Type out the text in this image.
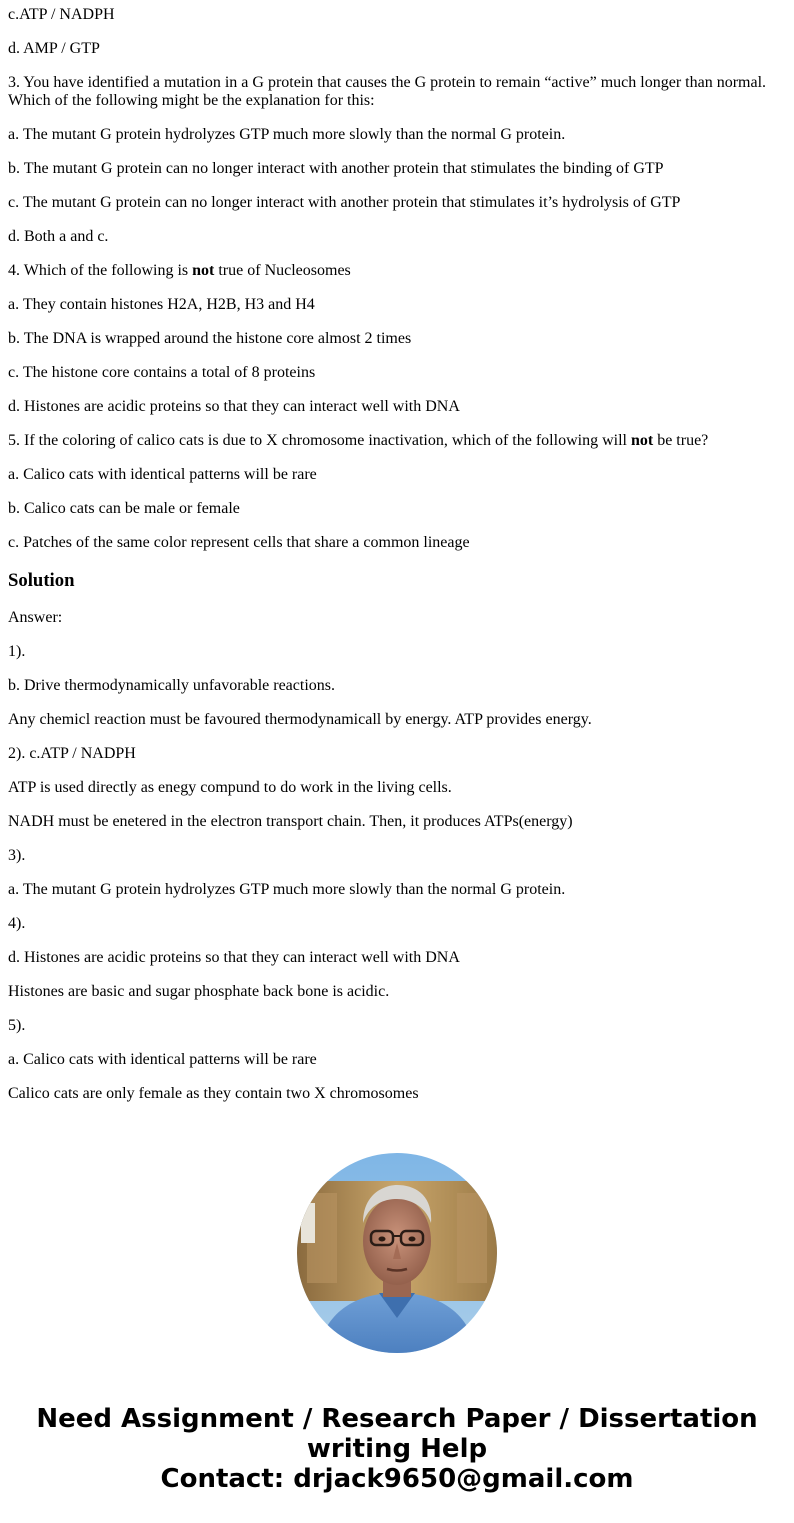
c.ATP / NADPH

d. AMP / GTP

3. You have identified a mutation in a G protein that causes the G protein to remain “active” much longer than normal. Which of the following might be the explanation for this:

a. The mutant G protein hydrolyzes GTP much more slowly than the normal G protein.

b. The mutant G protein can no longer interact with another protein that stimulates the binding of GTP

c. The mutant G protein can no longer interact with another protein that stimulates it’s hydrolysis of GTP

d. Both a and c.

4. Which of the following is not true of Nucleosomes

a. They contain histones H2A, H2B, H3 and H4

b. The DNA is wrapped around the histone core almost 2 times

c. The histone core contains a total of 8 proteins

d. Histones are acidic proteins so that they can interact well with DNA

5. If the coloring of calico cats is due to X chromosome inactivation, which of the following will not be true?

a. Calico cats with identical patterns will be rare

b. Calico cats can be male or female

c. Patches of the same color represent cells that share a common lineage

Solution

Answer:

1).

b. Drive thermodynamically unfavorable reactions.

Any chemicl reaction must be favoured thermodynamicall by energy. ATP provides energy.

2). c.ATP / NADPH

ATP is used directly as enegy compund to do work in the living cells.

NADH must be enetered in the electron transport chain. Then, it produces ATPs(energy)

3).

a. The mutant G protein hydrolyzes GTP much more slowly than the normal G protein.

4).

d. Histones are acidic proteins so that they can interact well with DNA

Histones are basic and sugar phosphate back bone is acidic.

5).

a. Calico cats with identical patterns will be rare

Calico cats are only female as they contain two X chromosomes

Need Assignment / Research Paper / Dissertation
writing Help
Contact: drjack9650@gmail.com
